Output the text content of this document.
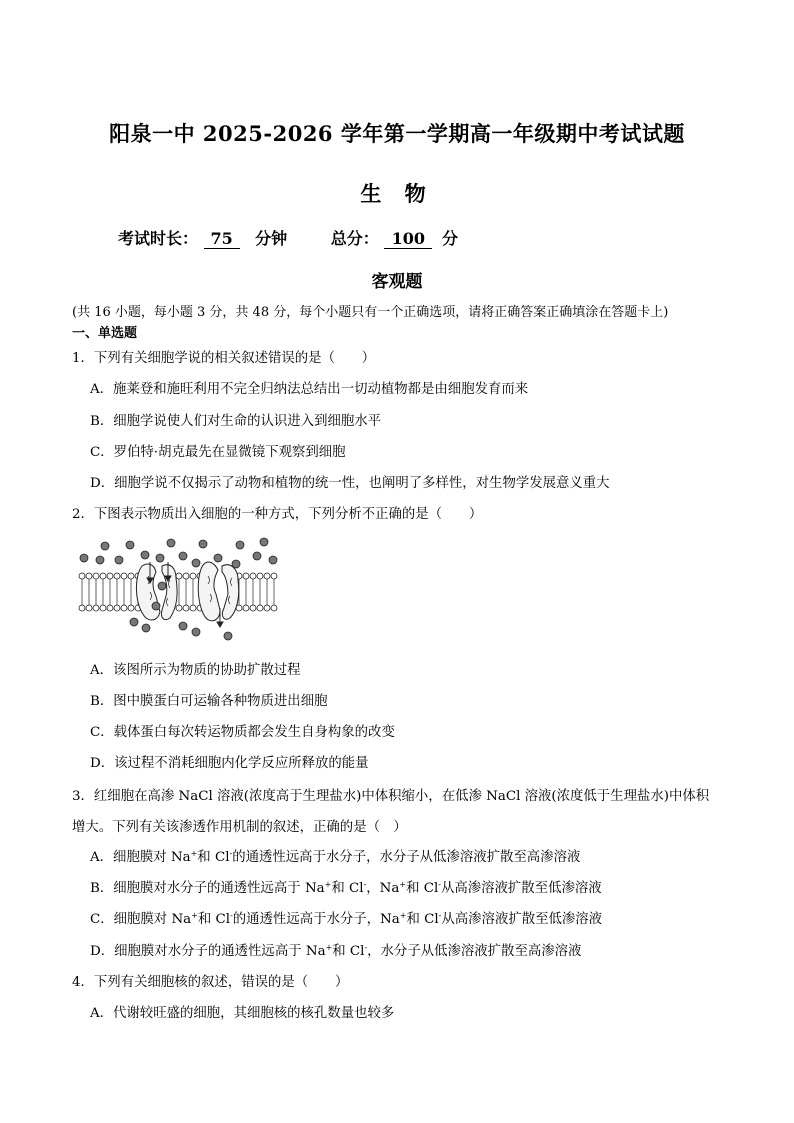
阳泉一中 2025-2026 学年第一学期高一年级期中考试试题
生 物
考试时长： 75 分钟	总分： 100 分
客观题
(共 16 小题，每小题 3 分，共 48 分，每个小题只有一个正确选项，请将正确答案正确填涂在答题卡上)
一、单选题
1．下列有关细胞学说的相关叙述错误的是（　　）
A．施莱登和施旺利用不完全归纳法总结出一切动植物都是由细胞发育而来
B．细胞学说使人们对生命的认识进入到细胞水平
C．罗伯特·胡克最先在显微镜下观察到细胞
D．细胞学说不仅揭示了动物和植物的统一性，也阐明了多样性，对生物学发展意义重大
2．下图表示物质出入细胞的一种方式，下列分析不正确的是（　　）
A．该图所示为物质的协助扩散过程
B．图中膜蛋白可运输各种物质进出细胞
C．载体蛋白每次转运物质都会发生自身构象的改变
D．该过程不消耗细胞内化学反应所释放的能量
3．红细胞在高渗 NaCl 溶液(浓度高于生理盐水)中体积缩小，在低渗 NaCl 溶液(浓度低于生理盐水)中体积
增大。下列有关该渗透作用机制的叙述，正确的是（　）
A．细胞膜对 Na+和 Cl-的通透性远高于水分子，水分子从低渗溶液扩散至高渗溶液
B．细胞膜对水分子的通透性远高于 Na+和 Cl-，Na+和 Cl-从高渗溶液扩散至低渗溶液
C．细胞膜对 Na+和 Cl-的通透性远高于水分子，Na+和 Cl-从高渗溶液扩散至低渗溶液
D．细胞膜对水分子的通透性远高于 Na+和 Cl-，水分子从低渗溶液扩散至高渗溶液
4．下列有关细胞核的叙述，错误的是（　　）
A．代谢较旺盛的细胞，其细胞核的核孔数量也较多
